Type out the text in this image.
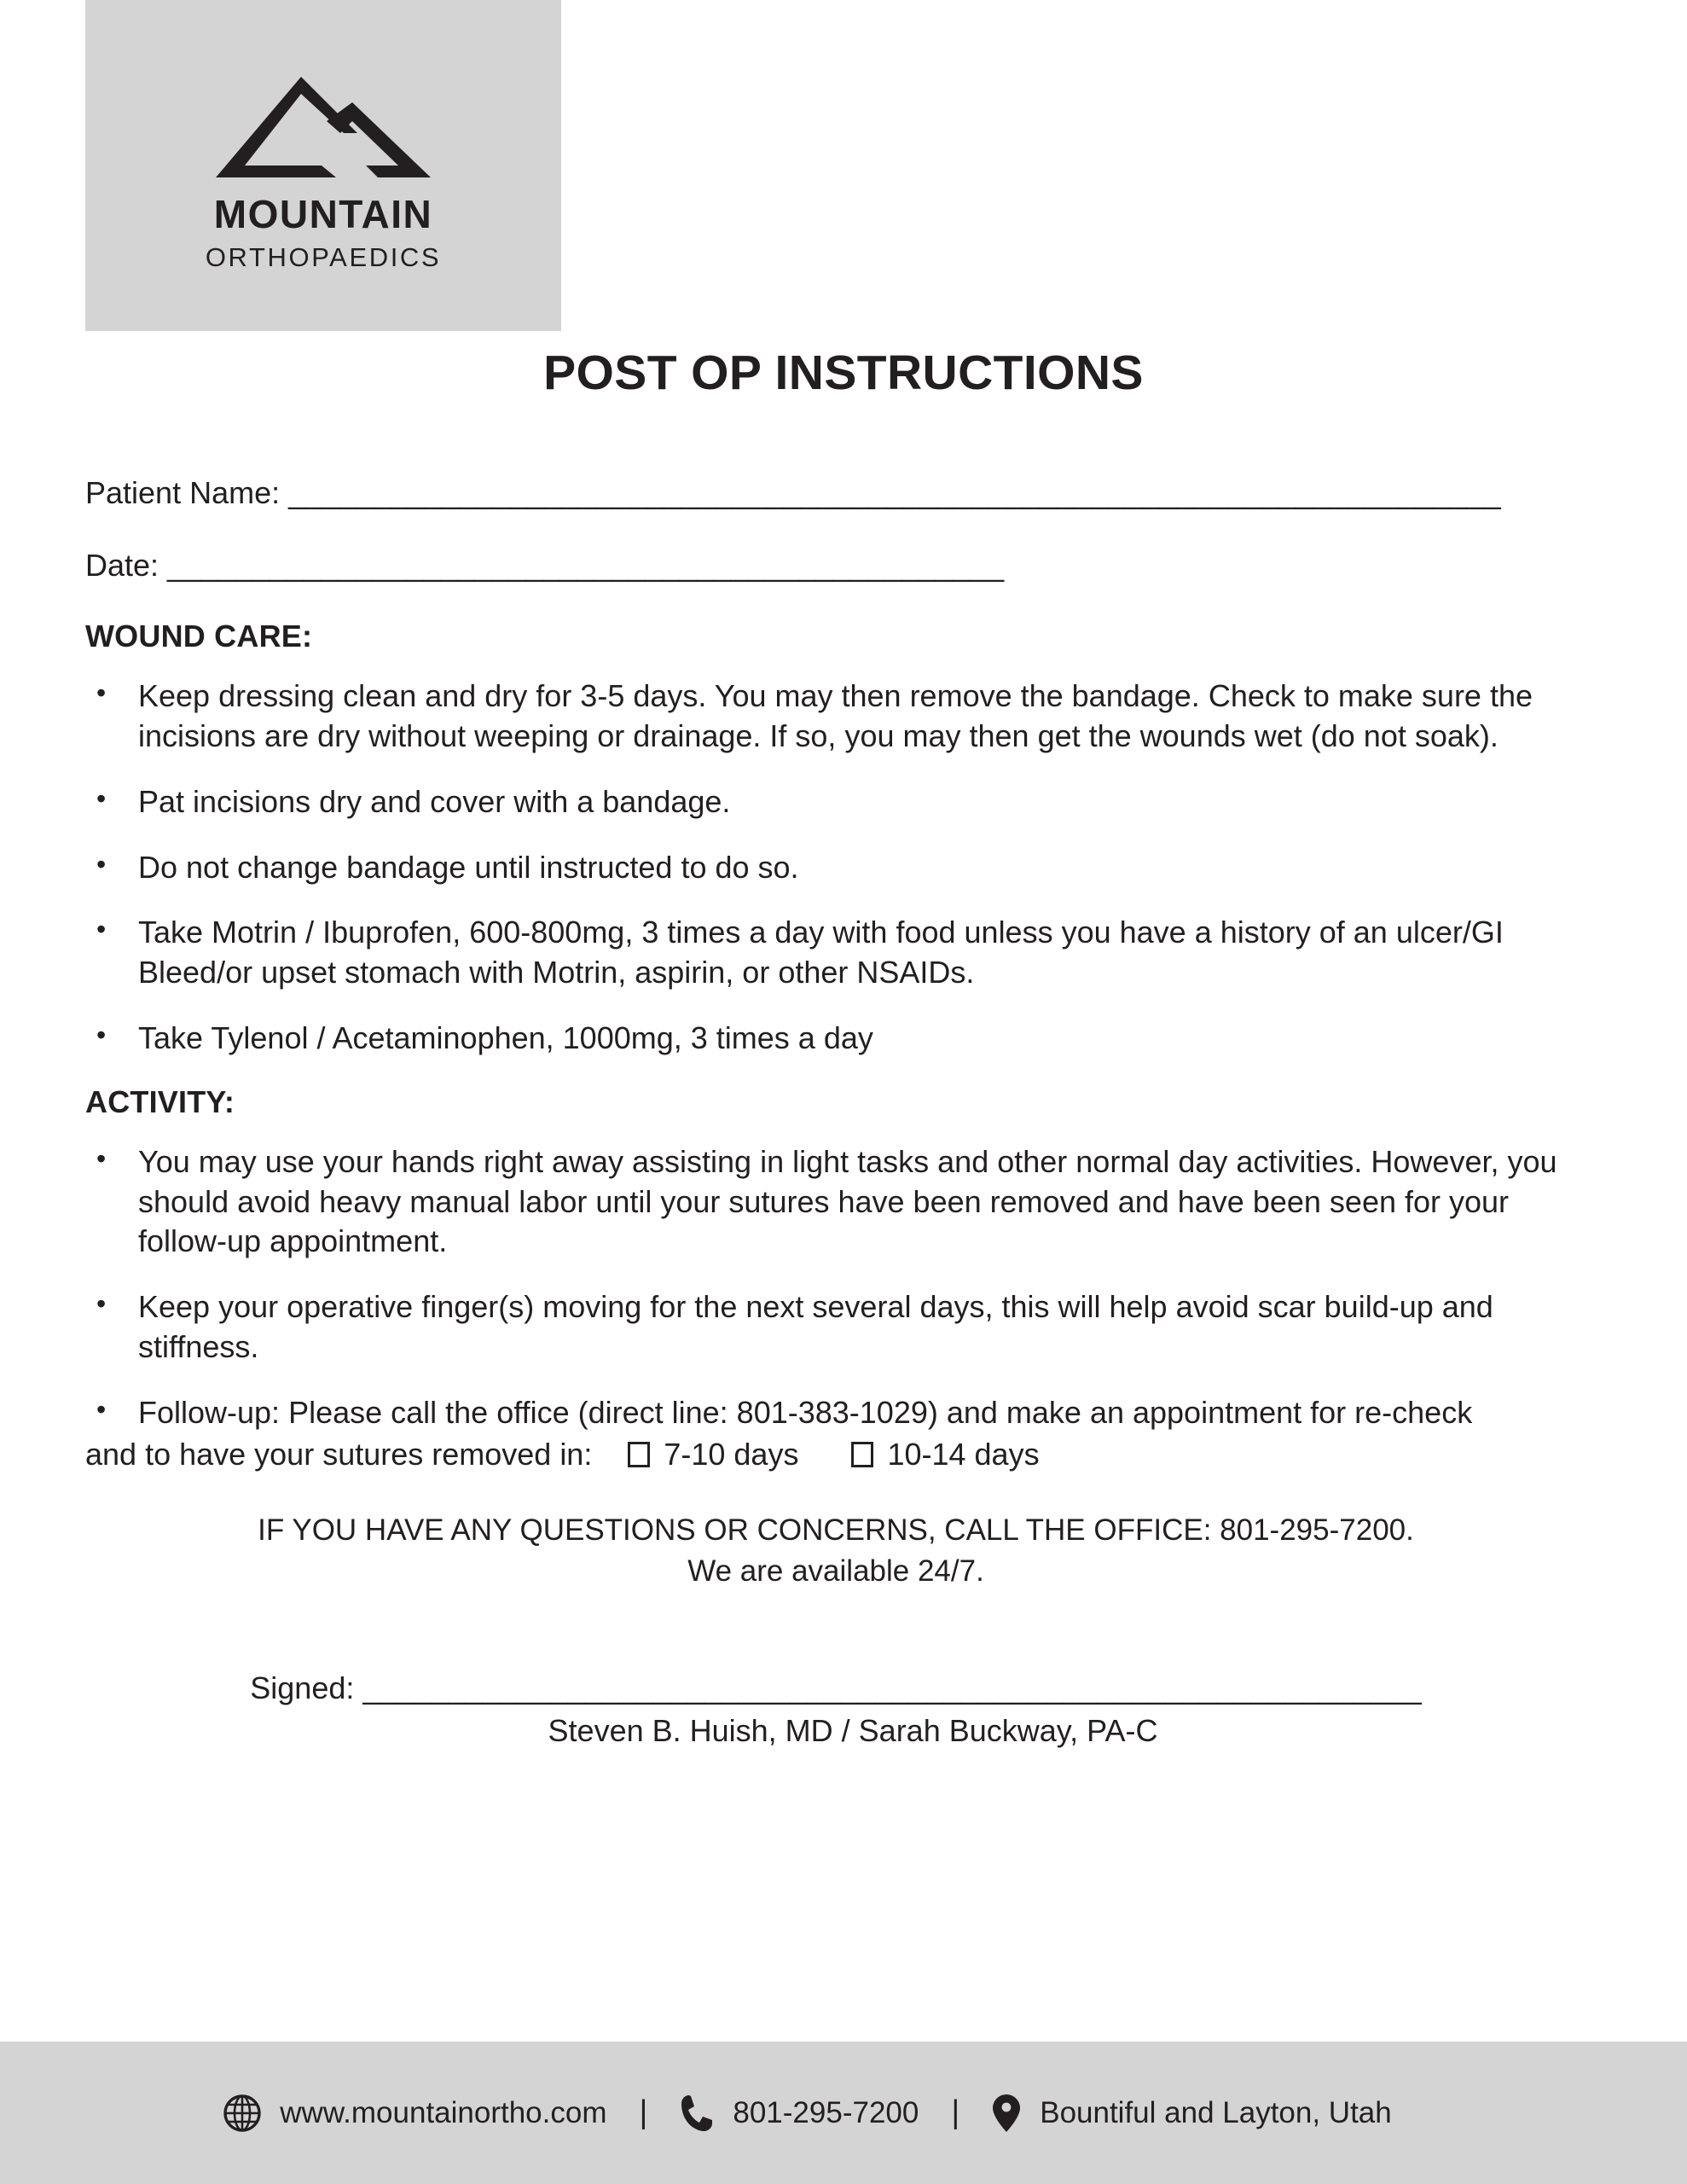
MOUNTAIN
ORTHOPAEDICS
POST OP INSTRUCTIONS
Patient Name: _______________________________________________________________________
Date: _________________________________________________
WOUND CARE:
• Keep dressing clean and dry for 3-5 days. You may then remove the bandage. Check to make sure the incisions are dry without weeping or drainage. If so, you may then get the wounds wet (do not soak).
• Pat incisions dry and cover with a bandage.
• Do not change bandage until instructed to do so.
• Take Motrin / Ibuprofen, 600-800mg, 3 times a day with food unless you have a history of an ulcer/GI Bleed/or upset stomach with Motrin, aspirin, or other NSAIDs.
• Take Tylenol / Acetaminophen, 1000mg, 3 times a day
ACTIVITY:
• You may use your hands right away assisting in light tasks and other normal day activities. However, you should avoid heavy manual labor until your sutures have been removed and have been seen for your follow-up appointment.
• Keep your operative finger(s) moving for the next several days, this will help avoid scar build-up and stiffness.
• Follow-up: Please call the office (direct line: 801-383-1029) and make an appointment for re-check
and to have your sutures removed in: 7-10 days	10-14 days
IF YOU HAVE ANY QUESTIONS OR CONCERNS, CALL THE OFFICE: 801-295-7200.
We are available 24/7.
Signed: ______________________________________________________________
Steven B. Huish, MD / Sarah Buckway, PA-C
www.mountainortho.com |	801-295-7200 |	Bountiful and Layton, Utah
